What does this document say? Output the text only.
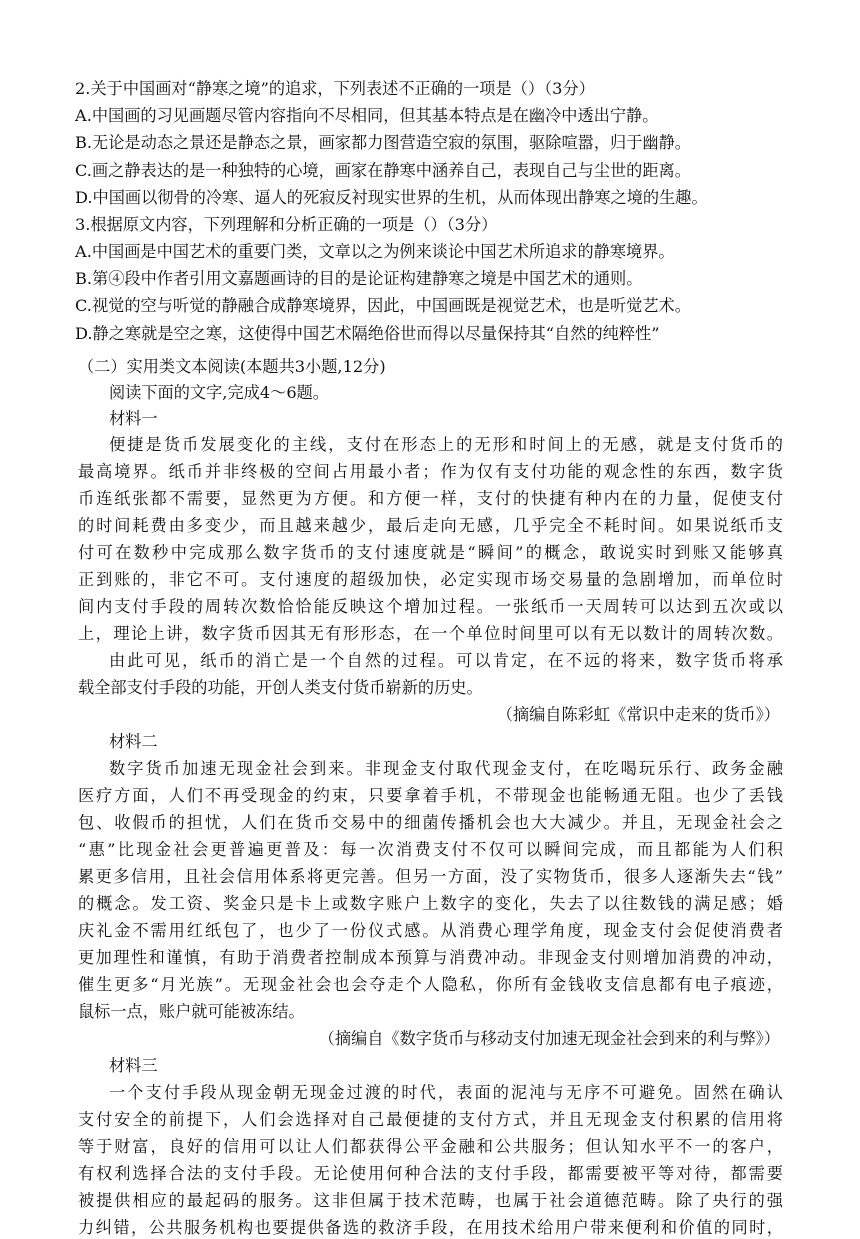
2.关于中国画对“静寒之境”的追求，下列表述不正确的一项是（）（3分）
A.中国画的习见画题尽管内容指向不尽相同，但其基本特点是在幽冷中透出宁静。
B.无论是动态之景还是静态之景，画家都力图营造空寂的氛围，驱除喧嚣，归于幽静。
C.画之静表达的是一种独特的心境，画家在静寒中涵养自己，表现自己与尘世的距离。
D.中国画以彻骨的冷寒、逼人的死寂反衬现实世界的生机，从而体现出静寒之境的生趣。
3.根据原文内容，下列理解和分析正确的一项是（）（3分）
A.中国画是中国艺术的重要门类，文章以之为例来谈论中国艺术所追求的静寒境界。
B.第④段中作者引用文嘉题画诗的目的是论证构建静寒之境是中国艺术的通则。
C.视觉的空与听觉的静融合成静寒境界，因此，中国画既是视觉艺术，也是听觉艺术。
D.静之寒就是空之寒，这使得中国艺术隔绝俗世而得以尽量保持其“自然的纯粹性”
（二）实用类文本阅读(本题共3小题,12分)
阅读下面的文字,完成4～6题。
材料一
便捷是货币发展变化的主线，支付在形态上的无形和时间上的无感，就是支付货币的
最高境界。纸币并非终极的空间占用最小者；作为仅有支付功能的观念性的东西，数字货
币连纸张都不需要，显然更为方便。和方便一样，支付的快捷有种内在的力量，促使支付
的时间耗费由多变少，而且越来越少，最后走向无感，几乎完全不耗时间。如果说纸币支
付可在数秒中完成那么数字货币的支付速度就是“瞬间”的概念，敢说实时到账又能够真
正到账的，非它不可。支付速度的超级加快，必定实现市场交易量的急剧增加，而单位时
间内支付手段的周转次数恰恰能反映这个增加过程。一张纸币一天周转可以达到五次或以
上，理论上讲，数字货币因其无有形形态，在一个单位时间里可以有无以数计的周转次数。
由此可见，纸币的消亡是一个自然的过程。可以肯定，在不远的将来，数字货币将承
载全部支付手段的功能，开创人类支付货币崭新的历史。
（摘编自陈彩虹《常识中走来的货币》）
材料二
数字货币加速无现金社会到来。非现金支付取代现金支付，在吃喝玩乐行、政务金融
医疗方面，人们不再受现金的约束，只要拿着手机，不带现金也能畅通无阻。也少了丢钱
包、收假币的担忧，人们在货币交易中的细菌传播机会也大大减少。并且，无现金社会之
“惠”比现金社会更普遍更普及：每一次消费支付不仅可以瞬间完成，而且都能为人们积
累更多信用，且社会信用体系将更完善。但另一方面，没了实物货币，很多人逐渐失去“钱”
的概念。发工资、奖金只是卡上或数字账户上数字的变化，失去了以往数钱的满足感；婚
庆礼金不需用红纸包了，也少了一份仪式感。从消费心理学角度，现金支付会促使消费者
更加理性和谨慎，有助于消费者控制成本预算与消费冲动。非现金支付则增加消费的冲动，
催生更多“月光族”。无现金社会也会夺走个人隐私，你所有金钱收支信息都有电子痕迹，
鼠标一点，账户就可能被冻结。
（摘编自《数字货币与移动支付加速无现金社会到来的利与弊》）
材料三
一个支付手段从现金朝无现金过渡的时代，表面的泥沌与无序不可避免。固然在确认
支付安全的前提下，人们会选择对自己最便捷的支付方式，并且无现金支付积累的信用将
等于财富，良好的信用可以让人们都获得公平金融和公共服务；但认知水平不一的客户，
有权利选择合法的支付手段。无论使用何种合法的支付手段，都需要被平等对待，都需要
被提供相应的最起码的服务。这非但属于技术范畴，也属于社会道德范畴。除了央行的强
力纠错，公共服务机构也要提供备选的救济手段，在用技术给用户带来便利和价值的同时，
